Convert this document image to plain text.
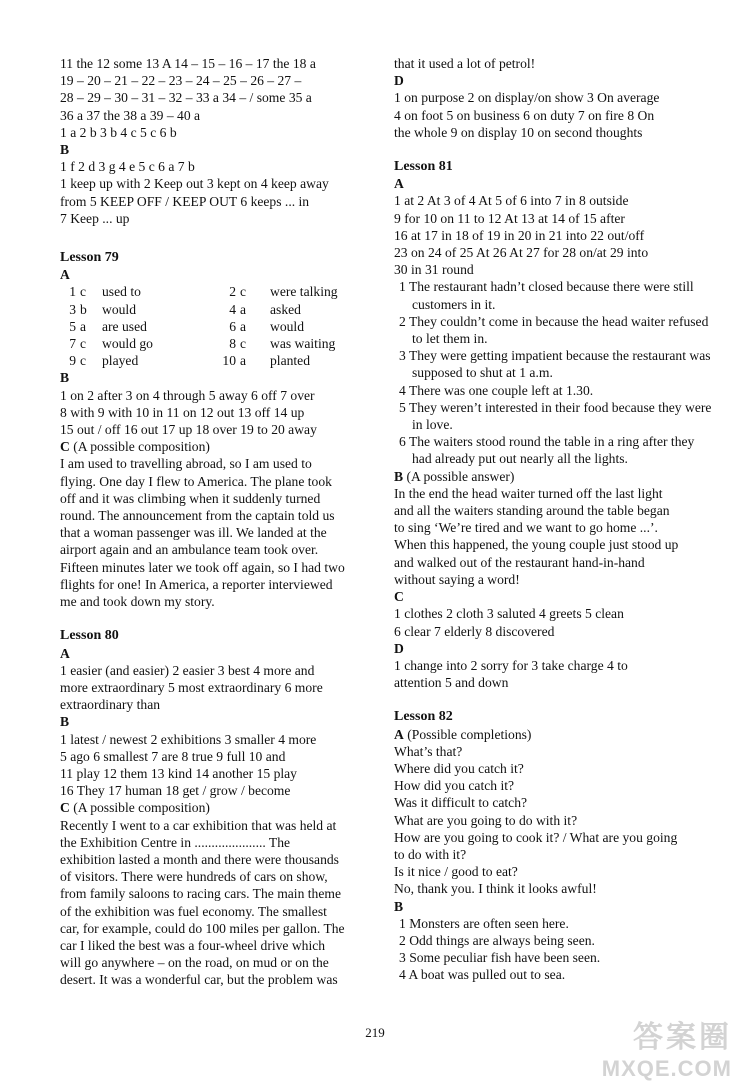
11 the 12 some 13 A 14 – 15 – 16 – 17 the 18 a
19 – 20 – 21 – 22 – 23 – 24 – 25 – 26 – 27 –
28 – 29 – 30 – 31 – 32 – 33 a 34 – / some 35 a
36 a 37 the 38 a 39 – 40 a
1 a 2 b 3 b 4 c 5 c 6 b
B
1 f 2 d 3 g 4 e 5 c 6 a 7 b
1 keep up with 2 Keep out 3 kept on 4 keep away
from 5 KEEP OFF / KEEP OUT 6 keeps ... in
7 Keep ... up
Lesson 79
A
1 c	used to	2 c	were talking
3 b	would	4 a	asked
5 a	are used	6 a	would
7 c	would go	8 c	was waiting
9 c	played	10 a	planted
B
1 on 2 after 3 on 4 through 5 away 6 off 7 over
8 with 9 with 10 in 11 on 12 out 13 off 14 up
15 out / off 16 out 17 up 18 over 19 to 20 away
C (A possible composition)
I am used to travelling abroad, so I am used to
flying. One day I flew to America. The plane took
off and it was climbing when it suddenly turned
round. The announcement from the captain told us
that a woman passenger was ill. We landed at the
airport again and an ambulance team took over.
Fifteen minutes later we took off again, so I had two
flights for one! In America, a reporter interviewed
me and took down my story.
Lesson 80
A
1 easier (and easier) 2 easier 3 best 4 more and
more extraordinary 5 most extraordinary 6 more
extraordinary than
B
1 latest / newest 2 exhibitions 3 smaller 4 more
5 ago 6 smallest 7 are 8 true 9 full 10 and
11 play 12 them 13 kind 14 another 15 play
16 They 17 human 18 get / grow / become
C (A possible composition)
Recently I went to a car exhibition that was held at
the Exhibition Centre in ..................... The
exhibition lasted a month and there were thousands
of visitors. There were hundreds of cars on show,
from family saloons to racing cars. The main theme
of the exhibition was fuel economy. The smallest
car, for example, could do 100 miles per gallon. The
car I liked the best was a four-wheel drive which
will go anywhere – on the road, on mud or on the
desert. It was a wonderful car, but the problem was
that it used a lot of petrol!
D
1 on purpose 2 on display/on show 3 On average
4 on foot 5 on business 6 on duty 7 on fire 8 On
the whole 9 on display 10 on second thoughts
Lesson 81
A
1 at 2 At 3 of 4 At 5 of 6 into 7 in 8 outside
9 for 10 on 11 to 12 At 13 at 14 of 15 after
16 at 17 in 18 of 19 in 20 in 21 into 22 out/off
23 on 24 of 25 At 26 At 27 for 28 on/at 29 into
30 in 31 round
1 The restaurant hadn’t closed because there were still customers in it.
2 They couldn’t come in because the head waiter refused to let them in.
3 They were getting impatient because the restaurant was supposed to shut at 1 a.m.
4 There was one couple left at 1.30.
5 They weren’t interested in their food because they were in love.
6 The waiters stood round the table in a ring after they had already put out nearly all the lights.
B (A possible answer)
In the end the head waiter turned off the last light
and all the waiters standing around the table began
to sing ‘We’re tired and we want to go home ...’.
When this happened, the young couple just stood up
and walked out of the restaurant hand-in-hand
without saying a word!
C
1 clothes 2 cloth 3 saluted 4 greets 5 clean
6 clear 7 elderly 8 discovered
D
1 change into 2 sorry for 3 take charge 4 to
attention 5 and down
Lesson 82
A (Possible completions)
What’s that?
Where did you catch it?
How did you catch it?
Was it difficult to catch?
What are you going to do with it?
How are you going to cook it? / What are you going
to do with it?
Is it nice / good to eat?
No, thank you. I think it looks awful!
B
1 Monsters are often seen here.
2 Odd things are always being seen.
3 Some peculiar fish have been seen.
4 A boat was pulled out to sea.
219	答案圈
MXQE.COM
